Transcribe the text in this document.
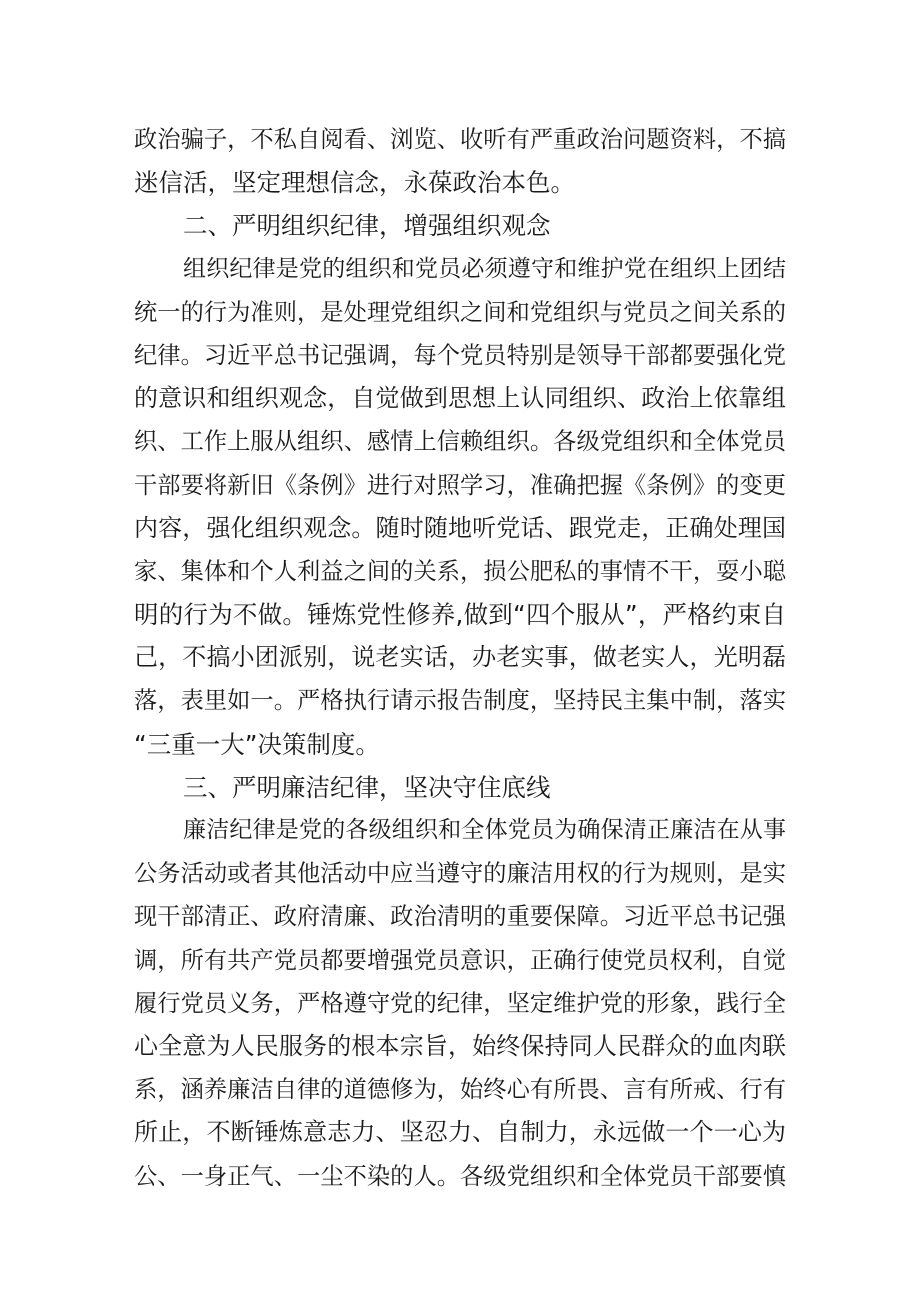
政治骗子，不私自阅看、浏览、收听有严重政治问题资料，不搞
迷信活，坚定理想信念，永葆政治本色。
二、严明组织纪律，增强组织观念
组织纪律是党的组织和党员必须遵守和维护党在组织上团结
统一的行为准则，是处理党组织之间和党组织与党员之间关系的
纪律。习近平总书记强调，每个党员特别是领导干部都要强化党
的意识和组织观念，自觉做到思想上认同组织、政治上依靠组
织、工作上服从组织、感情上信赖组织。各级党组织和全体党员
干部要将新旧《条例》进行对照学习，准确把握《条例》的变更
内容，强化组织观念。随时随地听党话、跟党走，正确处理国
家、集体和个人利益之间的关系，损公肥私的事情不干，耍小聪
明的行为不做。锤炼党性修养,做到“四个服从”，严格约束自
己，不搞小团派别，说老实话，办老实事，做老实人，光明磊
落，表里如一。严格执行请示报告制度，坚持民主集中制，落实
“三重一大”决策制度。
三、严明廉洁纪律，坚决守住底线
廉洁纪律是党的各级组织和全体党员为确保清正廉洁在从事
公务活动或者其他活动中应当遵守的廉洁用权的行为规则，是实
现干部清正、政府清廉、政治清明的重要保障。习近平总书记强
调，所有共产党员都要增强党员意识，正确行使党员权利，自觉
履行党员义务，严格遵守党的纪律，坚定维护党的形象，践行全
心全意为人民服务的根本宗旨，始终保持同人民群众的血肉联
系，涵养廉洁自律的道德修为，始终心有所畏、言有所戒、行有
所止，不断锤炼意志力、坚忍力、自制力，永远做一个一心为
公、一身正气、一尘不染的人。各级党组织和全体党员干部要慎
